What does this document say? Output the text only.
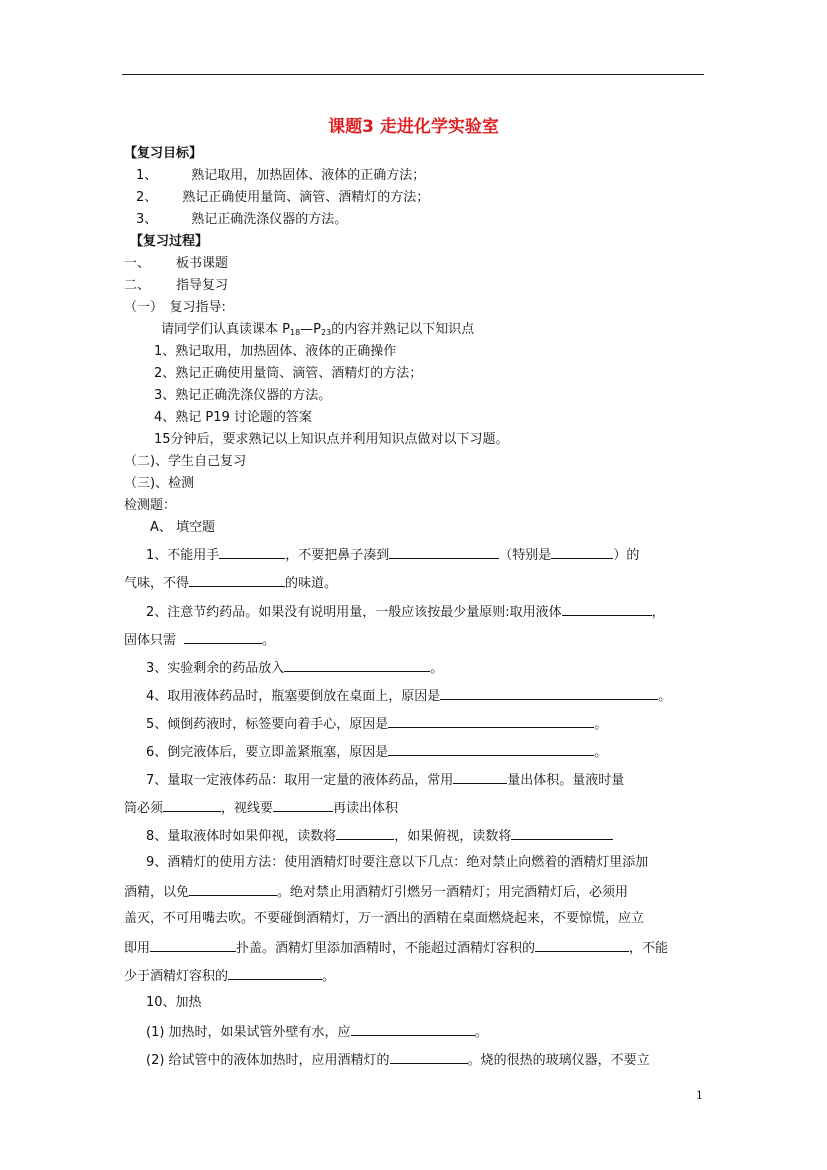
课题3 走进化学实验室
【复习目标】
1、	熟记取用，加热固体、液体的正确方法；
2、 熟记正确使用量筒、滴管、酒精灯的方法；
3、	熟记正确洗涤仪器的方法。
【复习过程】
一、 板书课题
二、 指导复习
（一）　复习指导:
请同学们认真读课本 $P_{18}—P_{23}$的内容并熟记以下知识点
1、熟记取用，加热固体、液体的正确操作
2、熟记正确使用量筒、滴管、酒精灯的方法；
3、熟记正确洗涤仪器的方法。
4、熟记 P19 讨论题的答案
15分钟后，要求熟记以上知识点并利用知识点做对以下习题。
（二)、学生自己复习
（三)、检测
检测题：
A、 填空题
1、不能用手	，不要把鼻子凑到	（特别是	）的
气味，不得	的味道。
2、注意节约药品。如果没有说明用量，一般应该按最少量原则:取用液体	，
固体只需	。
3、实验剩余的药品放入	。
4、取用液体药品时，瓶塞要倒放在桌面上，原因是	。
5、倾倒药液时，标签要向着手心，原因是	。
6、倒完液体后，要立即盖紧瓶塞，原因是	。
7、量取一定液体药品：取用一定量的液体药品，常用	量出体积。量液时量
筒必须	，视线要	再读出体积
8、量取液体时如果仰视，读数将	，如果俯视，读数将
9、酒精灯的使用方法：使用酒精灯时要注意以下几点：绝对禁止向燃着的酒精灯里添加
酒精，以免	。绝对禁止用酒精灯引燃另一酒精灯；用完酒精灯后，必须用
盖灭，不可用嘴去吹。不要碰倒酒精灯，万一洒出的酒精在桌面燃烧起来，不要惊慌，应立
即用	扑盖。酒精灯里添加酒精时，不能超过酒精灯容积的	，不能
少于酒精灯容积的	。
10、加热
(1) 加热时，如果试管外壁有水，应	。
(2) 给试管中的液体加热时，应用酒精灯的	。烧的很热的玻璃仪器，不要立
1
